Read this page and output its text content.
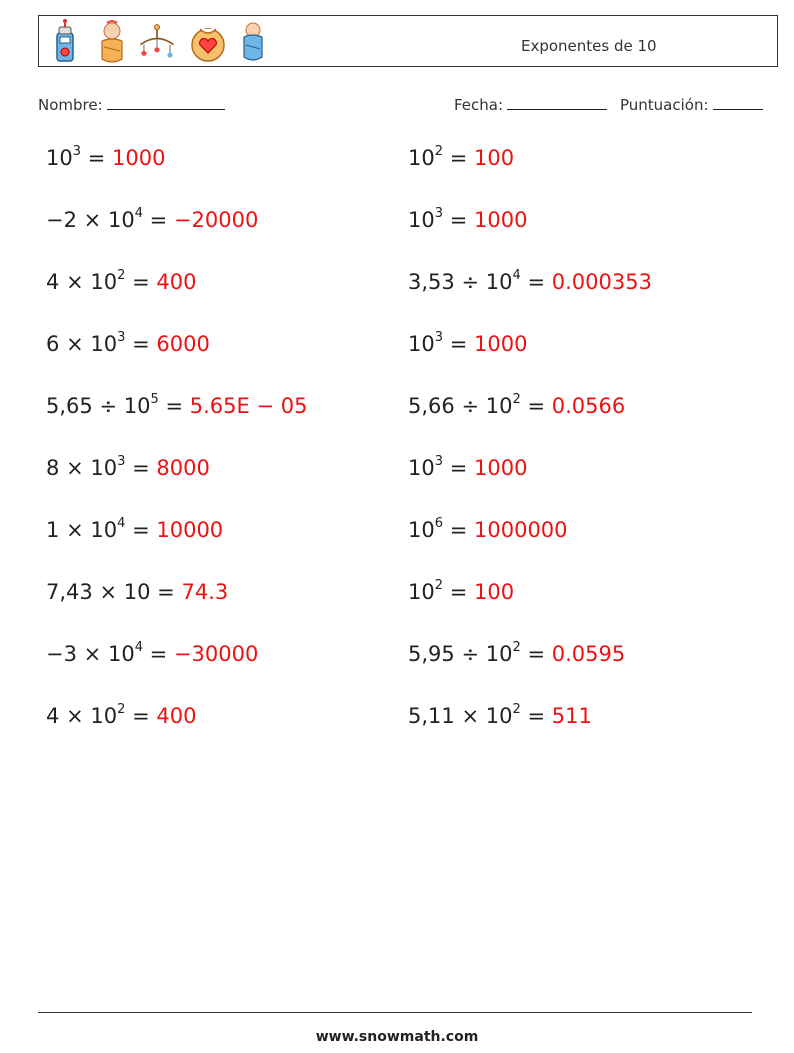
Exponentes de 10
Nombre:	Fecha:	Puntuación:
$10^3 = 1000$
$-2 \times 10^4 = -20000$
$4 \times 10^2 = 400$
$6 \times 10^3 = 6000$
$5,65 \div 10^5 = 5.65E - 05$
$8 \times 10^3 = 8000$
$1 \times 10^4 = 10000$
7,43 × 10 = 74.3
$-3 \times 10^4 = -30000$
$4 \times 10^2 = 400$
$10^2 = 100$
$10^3 = 1000$
$3,53 \div 10^4 = 0.000353$
$10^3 = 1000$
$5,66 \div 10^2 = 0.0566$
$10^3 = 1000$
$10^6 = 1000000$
$10^2 = 100$
$5,95 \div 10^2 = 0.0595$
$5,11 \times 10^2 = 511$
www.snowmath.com
